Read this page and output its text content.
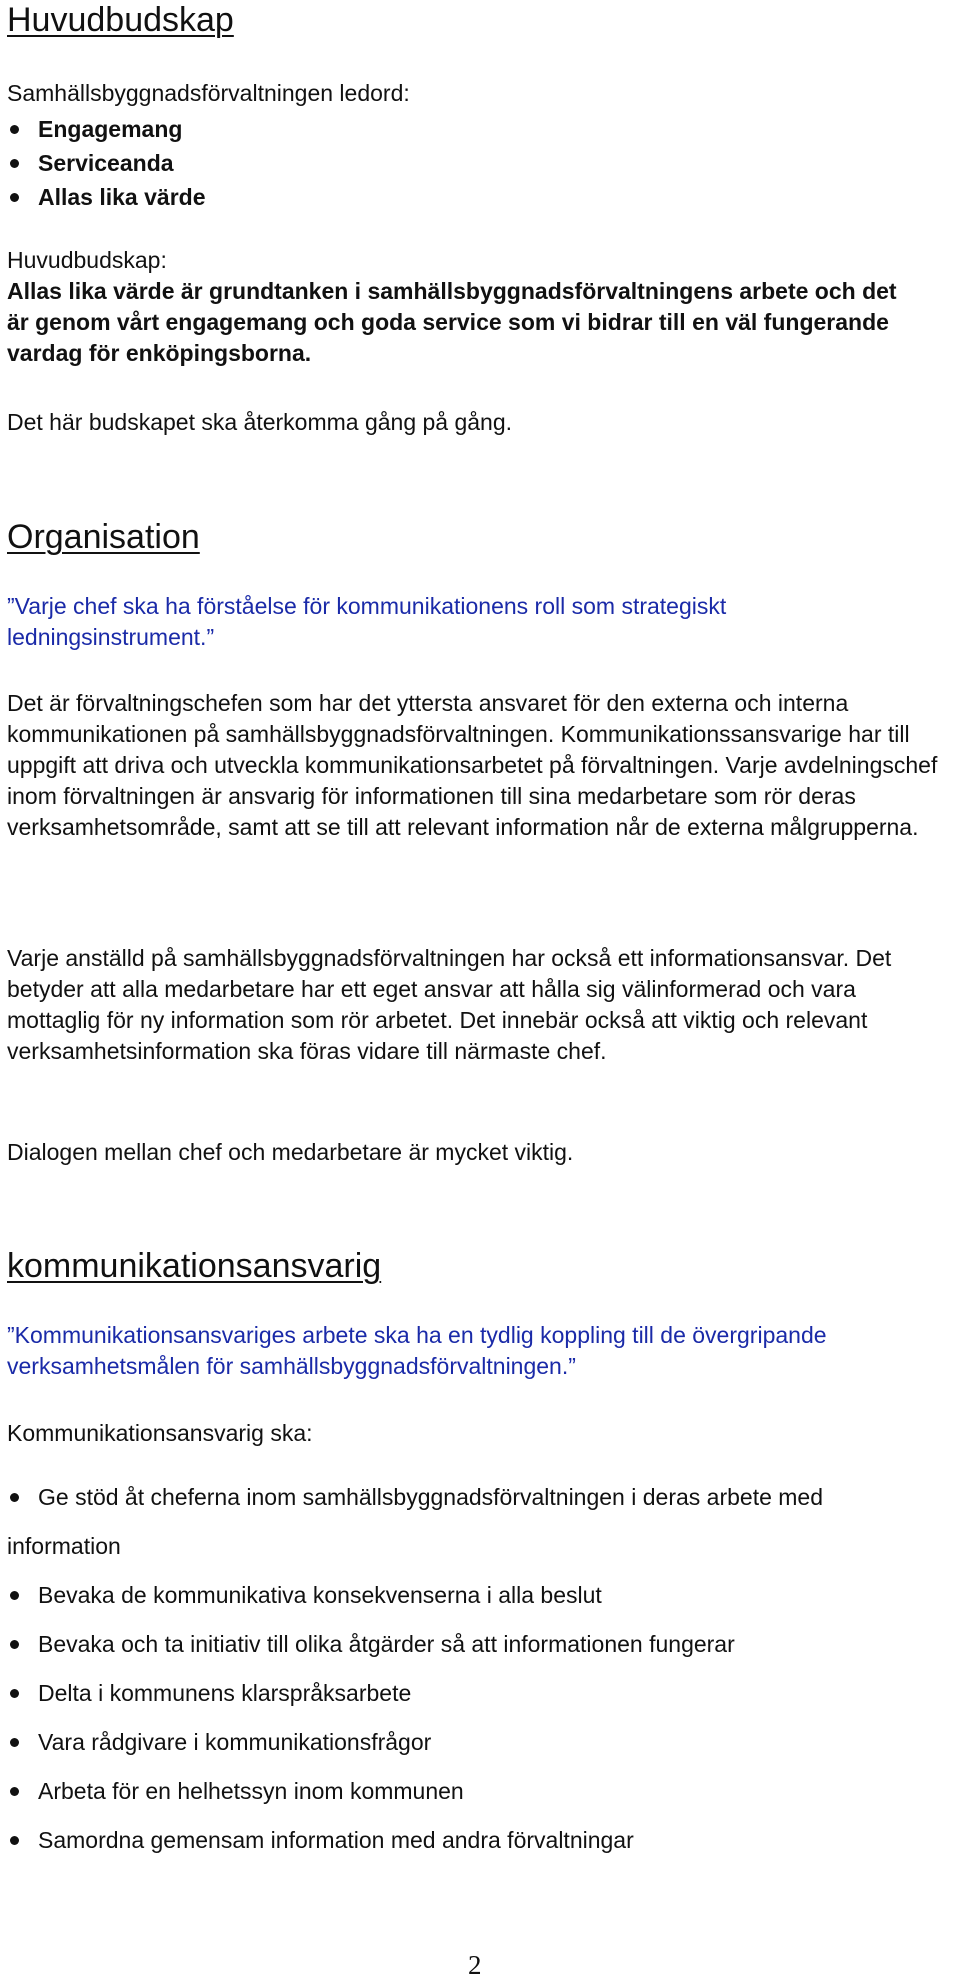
Huvudbudskap

Samhällsbyggnadsförvaltningen ledord:

Engagemang
Serviceanda
Allas lika värde

Huvudbudskap:

Allas lika värde är grundtanken i samhällsbyggnadsförvaltningens arbete och det är genom vårt engagemang och goda service som vi bidrar till en väl fungerande vardag för enköpingsborna.

Det här budskapet ska återkomma gång på gång.

Organisation

”Varje chef ska ha förståelse för kommunikationens roll som strategiskt ledningsinstrument.”

Det är förvaltningschefen som har det yttersta ansvaret för den externa och interna kommunikationen på samhällsbyggnadsförvaltningen. Kommunikationssansvarige har till uppgift att driva och utveckla kommunikationsarbetet på förvaltningen. Varje avdelningschef inom förvaltningen är ansvarig för informationen till sina medarbetare som rör deras verksamhetsområde, samt att se till att relevant information når de externa målgrupperna.

Varje anställd på samhällsbyggnadsförvaltningen har också ett informationsansvar. Det betyder att alla medarbetare har ett eget ansvar att hålla sig välinformerad och vara mottaglig för ny information som rör arbetet. Det innebär också att viktig och relevant verksamhetsinformation ska föras vidare till närmaste chef.

Dialogen mellan chef och medarbetare är mycket viktig.

kommunikationsansvarig

”Kommunikationsansvariges arbete ska ha en tydlig koppling till de övergripande verksamhetsmålen för samhällsbyggnadsförvaltningen.”

Kommunikationsansvarig ska:

Ge stöd åt cheferna inom samhällsbyggnadsförvaltningen i deras arbete med information
Bevaka de kommunikativa konsekvenserna i alla beslut
Bevaka och ta initiativ till olika åtgärder så att informationen fungerar
Delta i kommunens klarspråksarbete
Vara rådgivare i kommunikationsfrågor
Arbeta för en helhetssyn inom kommunen
Samordna gemensam information med andra förvaltningar

2
